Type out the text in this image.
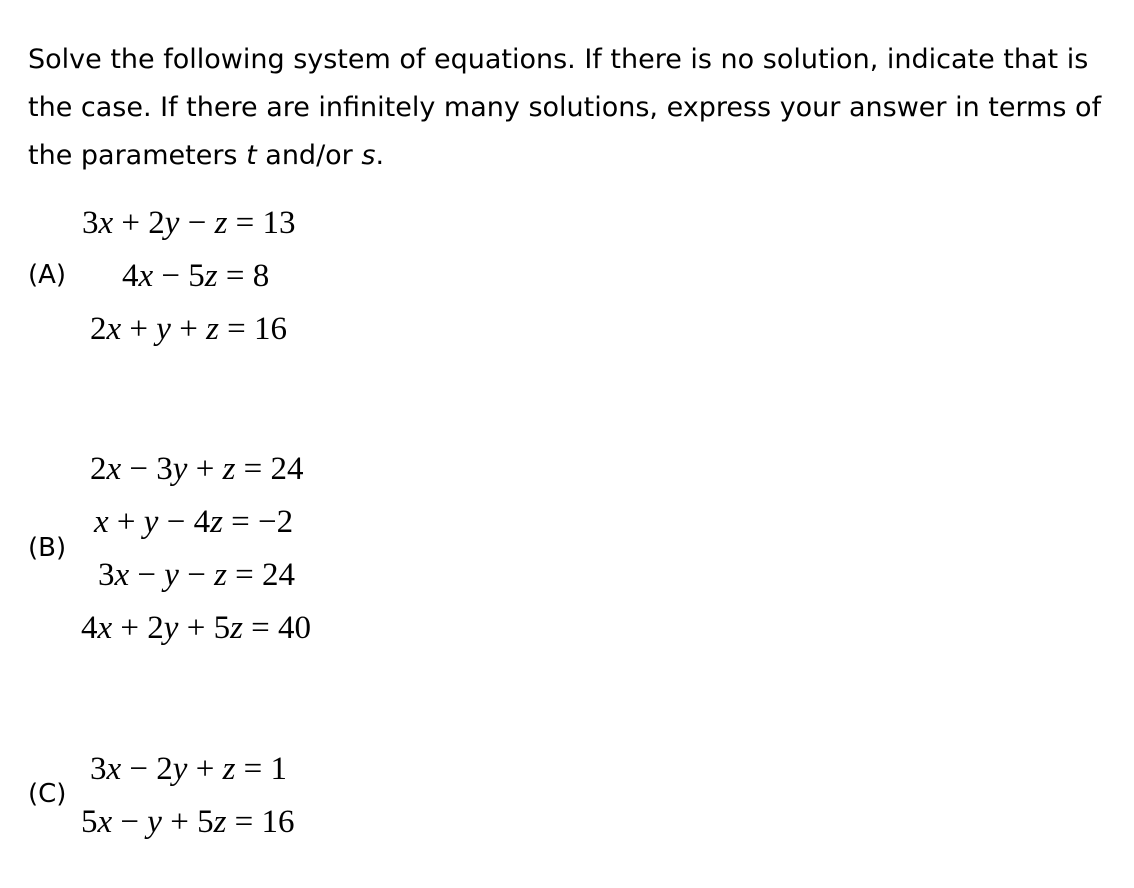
Solve the following system of equations. If there is no solution, indicate that is the case. If there are infinitely many solutions, express your answer in terms of the parameters t and/or s.

(A)
3x + 2y − z = 13
4x − 5z = 8
2x + y + z = 16
(B)
2x − 3y + z = 24
x + y − 4z = −2
3x − y − z = 24
4x + 2y + 5z = 40
(C)
3x − 2y + z = 1
5x − y + 5z = 16
